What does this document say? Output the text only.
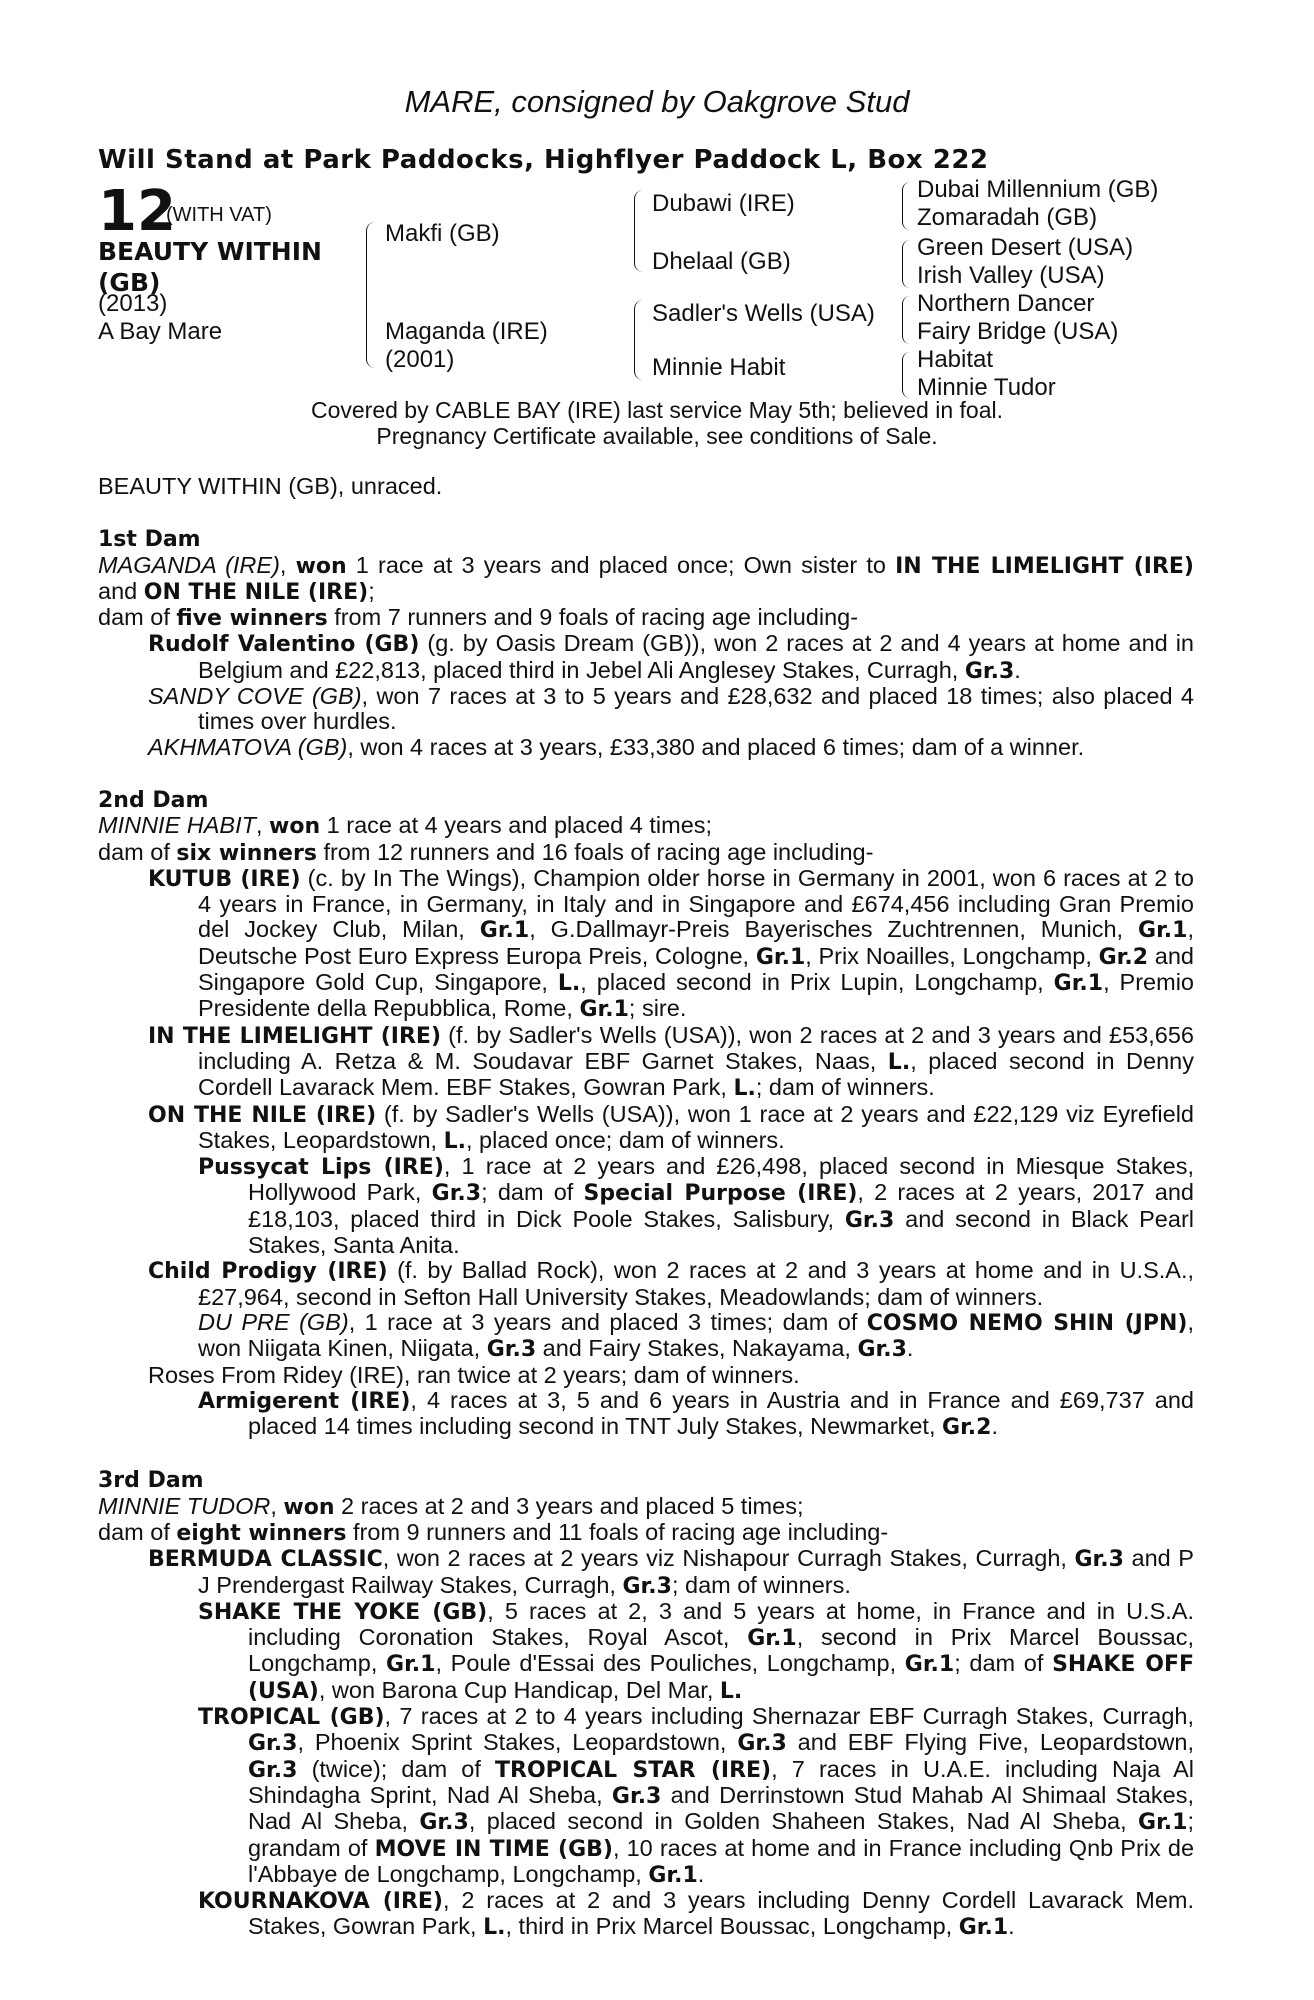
MARE, consigned by Oakgrove Stud
Will Stand at Park Paddocks, Highflyer Paddock L, Box 222
12
(WITH VAT)
BEAUTY WITHIN
(GB)
(2013)
A Bay Mare
Makfi (GB)
Maganda (IRE)
(2001)
Dubawi (IRE)
Dhelaal (GB)
Sadler's Wells (USA)
Minnie Habit
Dubai Millennium (GB)
Zomaradah (GB)
Green Desert (USA)
Irish Valley (USA)
Northern Dancer
Fairy Bridge (USA)
Habitat
Minnie Tudor
Covered by CABLE BAY (IRE) last service May 5th; believed in foal.
Pregnancy Certificate available, see conditions of Sale.

BEAUTY WITHIN (GB), unraced.

1st Dam

MAGANDA (IRE), won 1 race at 3 years and placed once; Own sister to IN THE LIMELIGHT (IRE) and ON THE NILE (IRE);

dam of five winners from 7 runners and 9 foals of racing age including-

Rudolf Valentino (GB) (g. by Oasis Dream (GB)), won 2 races at 2 and 4 years at home and in Belgium and £22,813, placed third in Jebel Ali Anglesey Stakes, Curragh, Gr.3.

SANDY COVE (GB), won 7 races at 3 to 5 years and £28,632 and placed 18 times; also placed 4 times over hurdles.

AKHMATOVA (GB), won 4 races at 3 years, £33,380 and placed 6 times; dam of a winner.

2nd Dam

MINNIE HABIT, won 1 race at 4 years and placed 4 times;

dam of six winners from 12 runners and 16 foals of racing age including-

KUTUB (IRE) (c. by In The Wings), Champion older horse in Germany in 2001, won 6 races at 2 to 4 years in France, in Germany, in Italy and in Singapore and £674,456 including Gran Premio del Jockey Club, Milan, Gr.1, G.Dallmayr-Preis Bayerisches Zuchtrennen, Munich, Gr.1, Deutsche Post Euro Express Europa Preis, Cologne, Gr.1, Prix Noailles, Longchamp, Gr.2 and Singapore Gold Cup, Singapore, L., placed second in Prix Lupin, Longchamp, Gr.1, Premio Presidente della Repubblica, Rome, Gr.1; sire.

IN THE LIMELIGHT (IRE) (f. by Sadler's Wells (USA)), won 2 races at 2 and 3 years and £53,656 including A. Retza & M. Soudavar EBF Garnet Stakes, Naas, L., placed second in Denny Cordell Lavarack Mem. EBF Stakes, Gowran Park, L.; dam of winners.

ON THE NILE (IRE) (f. by Sadler's Wells (USA)), won 1 race at 2 years and £22,129 viz Eyrefield Stakes, Leopardstown, L., placed once; dam of winners.

Pussycat Lips (IRE), 1 race at 2 years and £26,498, placed second in Miesque Stakes, Hollywood Park, Gr.3; dam of Special Purpose (IRE), 2 races at 2 years, 2017 and £18,103, placed third in Dick Poole Stakes, Salisbury, Gr.3 and second in Black Pearl Stakes, Santa Anita.

Child Prodigy (IRE) (f. by Ballad Rock), won 2 races at 2 and 3 years at home and in U.S.A., £27,964, second in Sefton Hall University Stakes, Meadowlands; dam of winners.

DU PRE (GB), 1 race at 3 years and placed 3 times; dam of COSMO NEMO SHIN (JPN), won Niigata Kinen, Niigata, Gr.3 and Fairy Stakes, Nakayama, Gr.3.

Roses From Ridey (IRE), ran twice at 2 years; dam of winners.

Armigerent (IRE), 4 races at 3, 5 and 6 years in Austria and in France and £69,737 and placed 14 times including second in TNT July Stakes, Newmarket, Gr.2.

3rd Dam

MINNIE TUDOR, won 2 races at 2 and 3 years and placed 5 times;

dam of eight winners from 9 runners and 11 foals of racing age including-

BERMUDA CLASSIC, won 2 races at 2 years viz Nishapour Curragh Stakes, Curragh, Gr.3 and P J Prendergast Railway Stakes, Curragh, Gr.3; dam of winners.

SHAKE THE YOKE (GB), 5 races at 2, 3 and 5 years at home, in France and in U.S.A. including Coronation Stakes, Royal Ascot, Gr.1, second in Prix Marcel Boussac, Longchamp, Gr.1, Poule d'Essai des Pouliches, Longchamp, Gr.1; dam of SHAKE OFF (USA), won Barona Cup Handicap, Del Mar, L.

TROPICAL (GB), 7 races at 2 to 4 years including Shernazar EBF Curragh Stakes, Curragh, Gr.3, Phoenix Sprint Stakes, Leopardstown, Gr.3 and EBF Flying Five, Leopardstown, Gr.3 (twice); dam of TROPICAL STAR (IRE), 7 races in U.A.E. including Naja Al Shindagha Sprint, Nad Al Sheba, Gr.3 and Derrinstown Stud Mahab Al Shimaal Stakes, Nad Al Sheba, Gr.3, placed second in Golden Shaheen Stakes, Nad Al Sheba, Gr.1; grandam of MOVE IN TIME (GB), 10 races at home and in France including Qnb Prix de l'Abbaye de Longchamp, Longchamp, Gr.1.

KOURNAKOVA (IRE), 2 races at 2 and 3 years including Denny Cordell Lavarack Mem. Stakes, Gowran Park, L., third in Prix Marcel Boussac, Longchamp, Gr.1.
